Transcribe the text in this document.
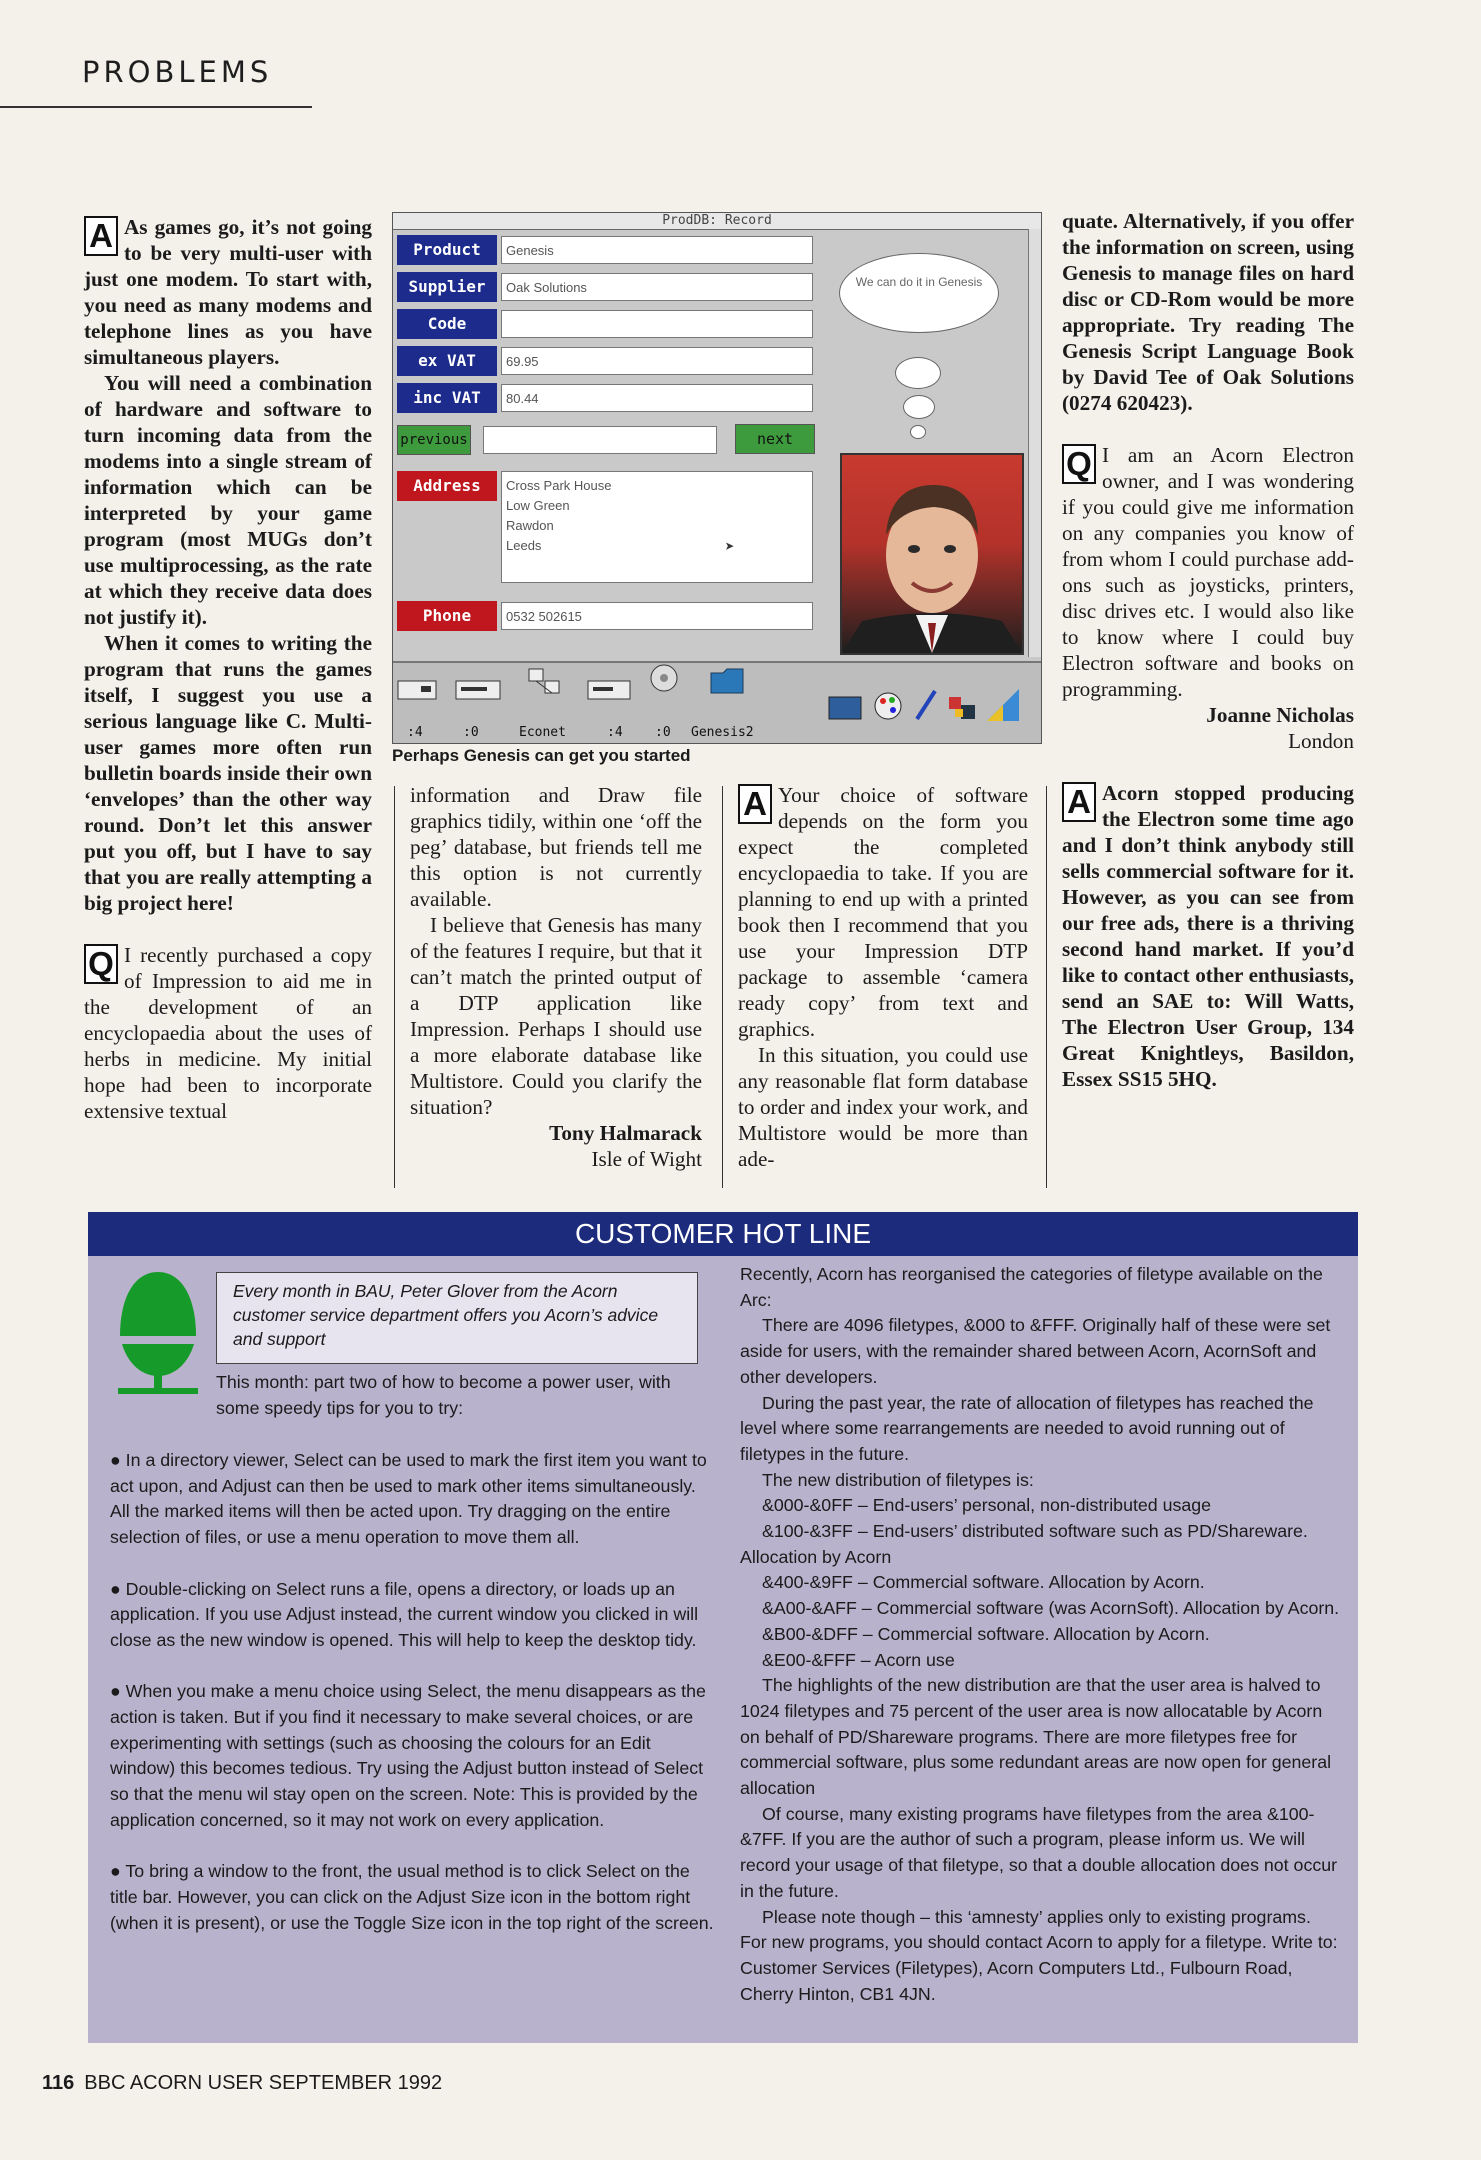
PROBLEMS

A As games go, it’s not going to be very multi-user with just one modem. To start with, you need as many modems and telephone lines as you have simultaneous players.

You will need a combination of hardware and software to turn incoming data from the modems into a single stream of information which can be interpreted by your game program (most MUGs don’t use multiprocessing, as the rate at which they receive data does not justify it).

When it comes to writing the program that runs the games itself, I suggest you use a serious language like C. Multi-user games more often run bulletin boards inside their own ‘envelopes’ than the other way round. Don’t let this answer put you off, but I have to say that you are really attempting a big project here!

Q I recently purchased a copy of Impression to aid me in the development of an encyclopaedia about the uses of herbs in medicine. My initial hope had been to incorporate extensive textual

ProdDB: Record
Product	Genesis
Supplier	Oak Solutions
Code
ex VAT	69.95
inc VAT	80.44
previous	next
Address	Cross Park House
Low Green
Rawdon
Leeds	➤
Phone	0532 502615
We can do it in Genesis
:4	:0	Econet	:4 :0 Genesis2
Perhaps Genesis can get you started

information and Draw file graphics tidily, within one ‘off the peg’ database, but friends tell me this option is not currently available.

I believe that Genesis has many of the features I require, but that it can’t match the printed output of a DTP application like Impression. Perhaps I should use a more elaborate database like Multistore. Could you clarify the situation?

Tony Halmarack

Isle of Wight

A Your choice of software depends on the form you expect the completed encyclopaedia to take. If you are planning to end up with a printed book then I recommend that you use your Impression DTP package to assemble ‘camera ready copy’ from text and graphics.

In this situation, you could use any reasonable flat form database to order and index your work, and Multistore would be more than ade-

quate. Alternatively, if you offer the information on screen, using Genesis to manage files on hard disc or CD-Rom would be more appropriate. Try reading The Genesis Script Language Book by David Tee of Oak Solutions (0274 620423).

Q I am an Acorn Electron owner, and I was wondering if you could give me information on any companies you know of from whom I could purchase add-ons such as joysticks, printers, disc drives etc. I would also like to know where I could buy Electron software and books on programming.

Joanne Nicholas

London

A Acorn stopped producing the Electron some time ago and I don’t think anybody still sells commercial software for it. However, as you can see from our free ads, there is a thriving second hand market. If you’d like to contact other enthusiasts, send an SAE to: Will Watts, The Electron User Group, 134 Great Knightleys, Basildon, Essex SS15 5HQ.

CUSTOMER HOT LINE
Every month in BAU, Peter Glover from the Acorn customer service department offers you Acorn’s advice and support
This month: part two of how to become a power user, with some speedy tips for you to try:

● In a directory viewer, Select can be used to mark the first item you want to act upon, and Adjust can then be used to mark other items simultaneously. All the marked items will then be acted upon. Try dragging on the entire selection of files, or use a menu operation to move them all.

● Double-clicking on Select runs a file, opens a directory, or loads up an application. If you use Adjust instead, the current window you clicked in will close as the new window is opened. This will help to keep the desktop tidy.

● When you make a menu choice using Select, the menu disappears as the action is taken. But if you find it necessary to make several choices, or are experimenting with settings (such as choosing the colours for an Edit window) this becomes tedious. Try using the Adjust button instead of Select so that the menu wil stay open on the screen. Note: This is provided by the application concerned, so it may not work on every application.

● To bring a window to the front, the usual method is to click Select on the title bar. However, you can click on the Adjust Size icon in the bottom right (when it is present), or use the Toggle Size icon in the top right of the screen.

Recently, Acorn has reorganised the categories of filetype available on the Arc:

There are 4096 filetypes, &000 to &FFF. Originally half of these were set aside for users, with the remainder shared between Acorn, AcornSoft and other developers.

During the past year, the rate of allocation of filetypes has reached the level where some rearrangements are needed to avoid running out of filetypes in the future.

The new distribution of filetypes is:

&000-&0FF – End-users’ personal, non-distributed usage

&100-&3FF – End-users’ distributed software such as PD/Shareware. Allocation by Acorn

&400-&9FF – Commercial software. Allocation by Acorn.

&A00-&AFF – Commercial software (was AcornSoft). Allocation by Acorn.

&B00-&DFF – Commercial software. Allocation by Acorn.

&E00-&FFF – Acorn use

The highlights of the new distribution are that the user area is halved to 1024 filetypes and 75 percent of the user area is now allocatable by Acorn on behalf of PD/Shareware programs. There are more filetypes free for commercial software, plus some redundant areas are now open for general allocation

Of course, many existing programs have filetypes from the area &100-&7FF. If you are the author of such a program, please inform us. We will record your usage of that filetype, so that a double allocation does not occur in the future.

Please note though – this ‘amnesty’ applies only to existing programs. For new programs, you should contact Acorn to apply for a filetype. Write to: Customer Services (Filetypes), Acorn Computers Ltd., Fulbourn Road, Cherry Hinton, CB1 4JN.

116 BBC ACORN USER SEPTEMBER 1992
